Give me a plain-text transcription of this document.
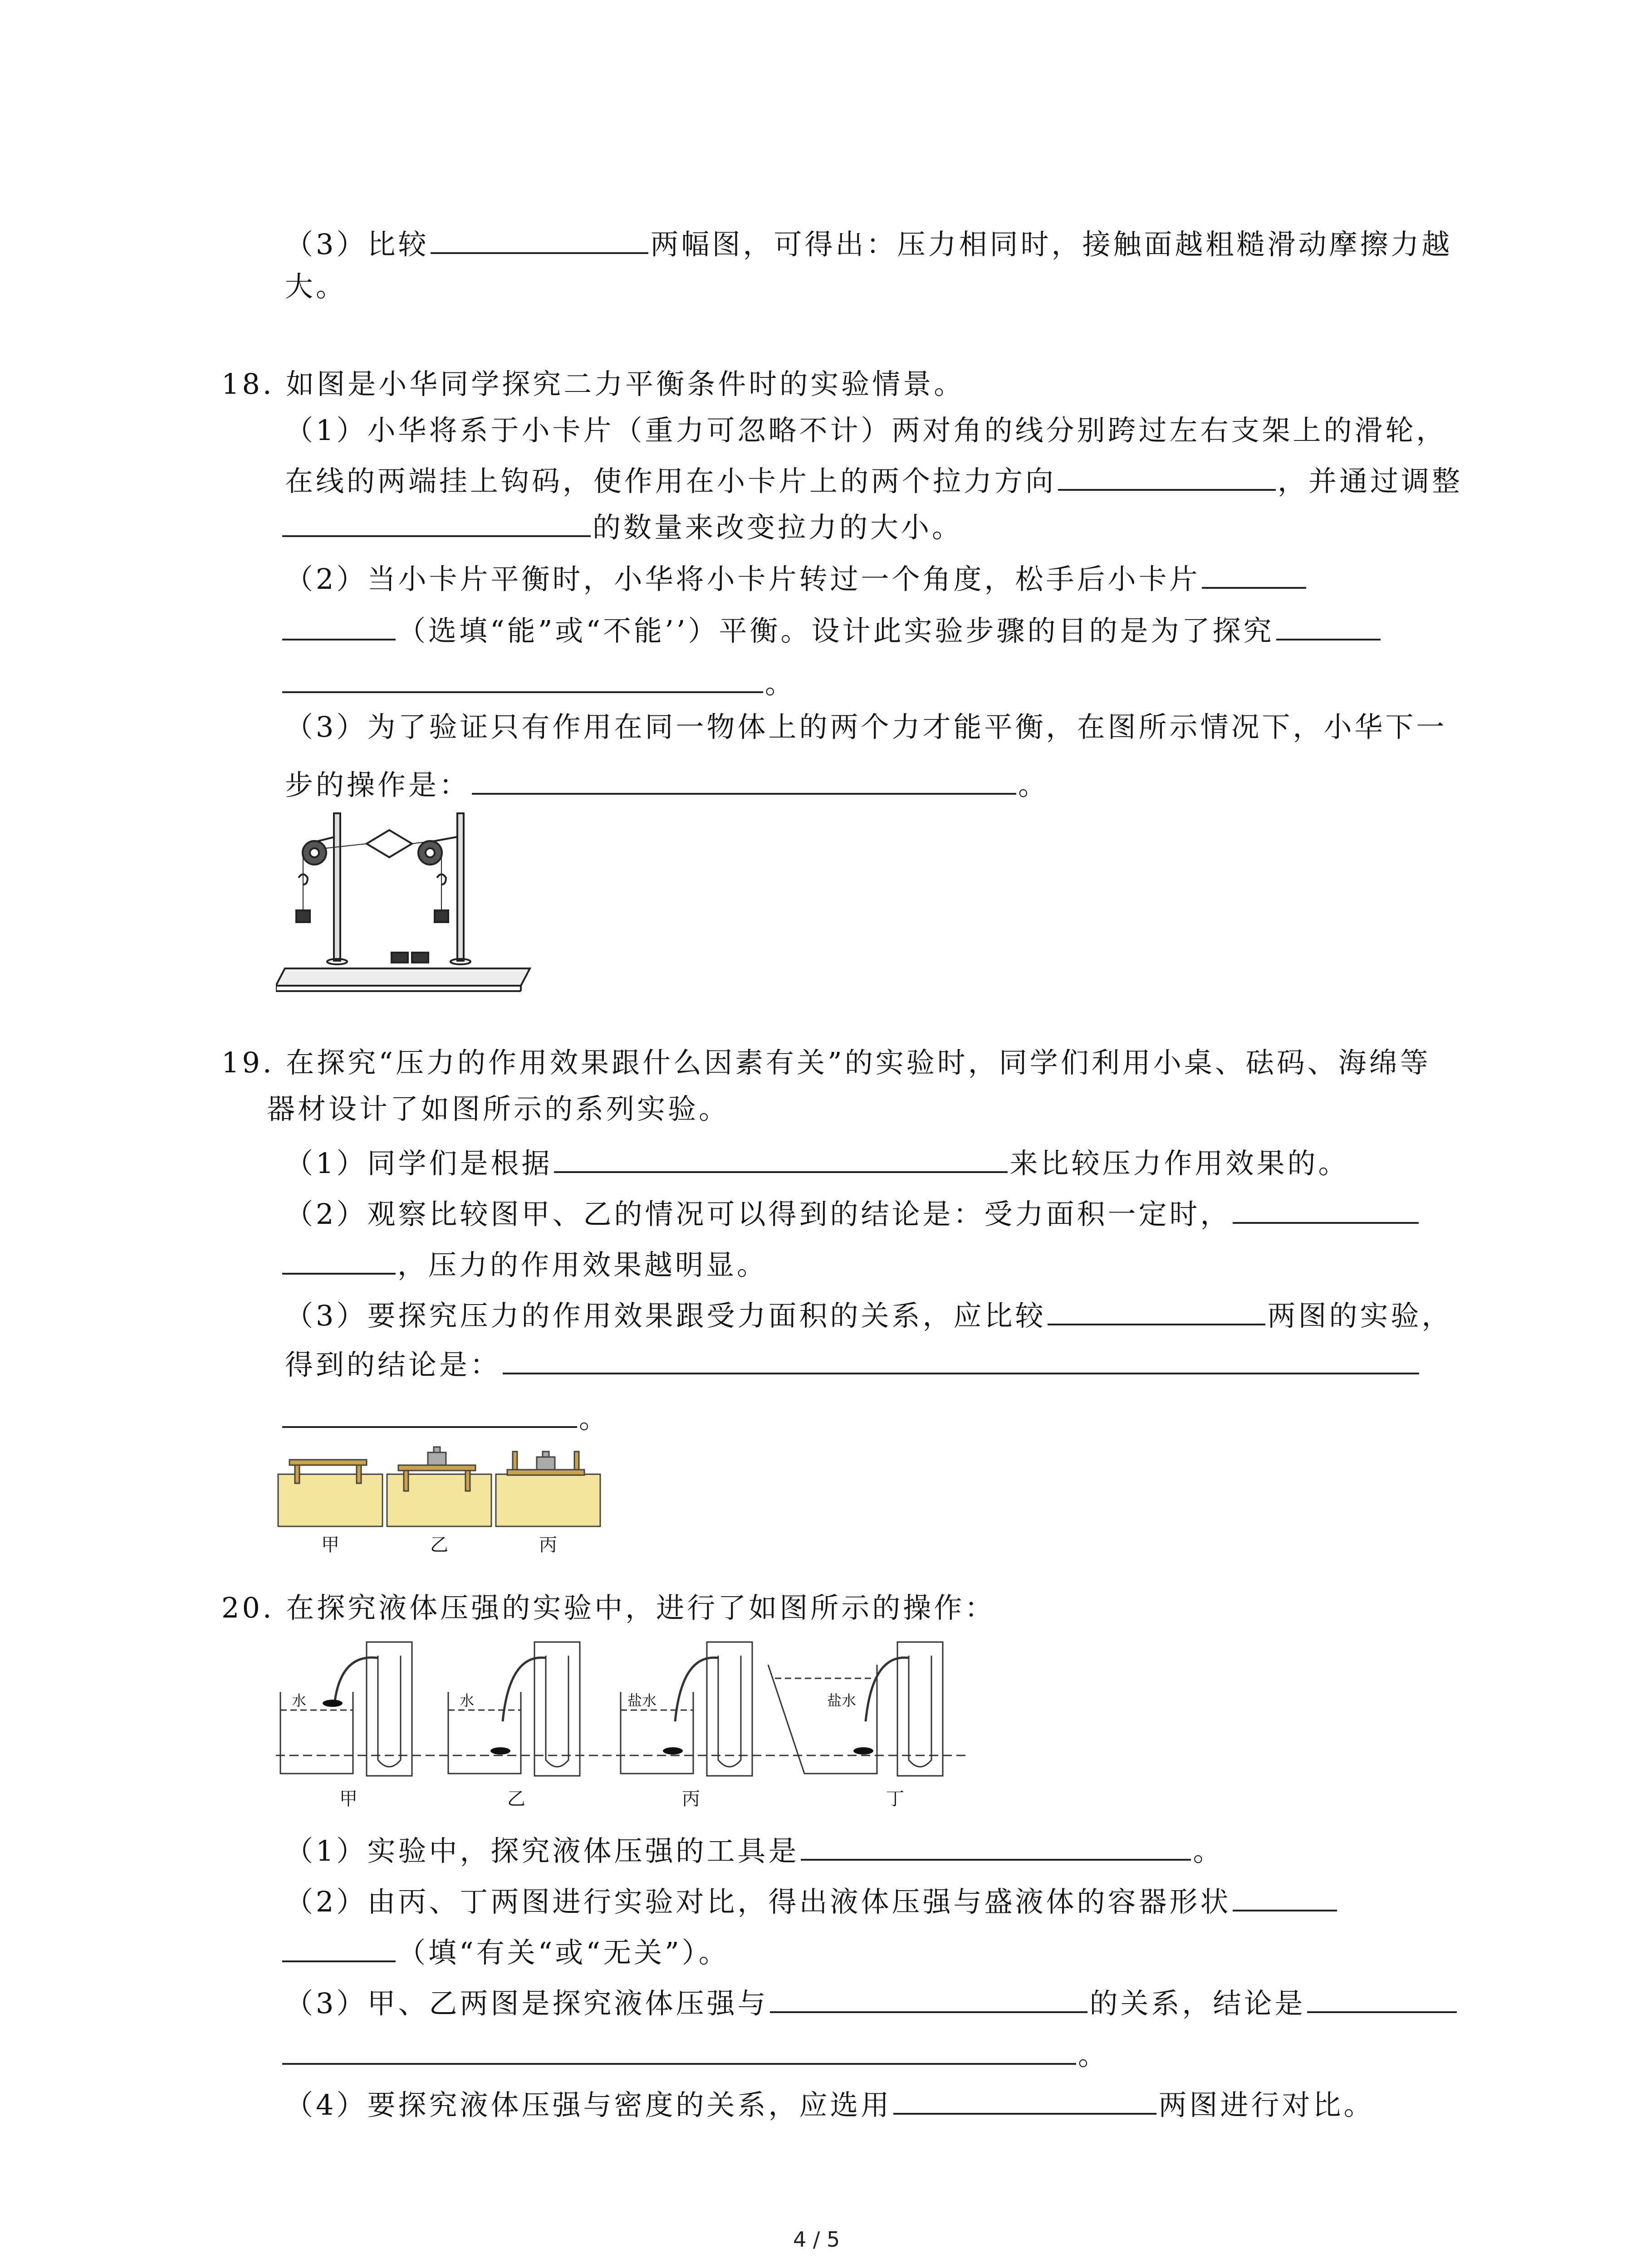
（3）比较	两幅图，可得出：压力相同时，接触面越粗糙滑动摩擦力越
大。
18. 如图是小华同学探究二力平衡条件时的实验情景。
（1）小华将系于小卡片（重力可忽略不计）两对角的线分别跨过左右支架上的滑轮，
在线的两端挂上钩码，使作用在小卡片上的两个拉力方向	，并通过调整
的数量来改变拉力的大小。
（2）当小卡片平衡时，小华将小卡片转过一个角度，松手后小卡片
（选填“能”或“不能’’）平衡。设计此实验步骤的目的是为了探究
。
（3）为了验证只有作用在同一物体上的两个力才能平衡，在图所示情况下，小华下一
步的操作是：	。
19. 在探究“压力的作用效果跟什么因素有关”的实验时，同学们利用小桌、砝码、海绵等
器材设计了如图所示的系列实验。
（1）同学们是根据	来比较压力作用效果的。
（2）观察比较图甲、乙的情况可以得到的结论是：受力面积一定时，
，压力的作用效果越明显。
（3）要探究压力的作用效果跟受力面积的关系，应比较	两图的实验，
得到的结论是：
。
甲	乙	丙
20. 在探究液体压强的实验中，进行了如图所示的操作：
水	水	盐水	盐水
甲	乙	丙	丁
（1）实验中，探究液体压强的工具是	。
（2）由丙、丁两图进行实验对比，得出液体压强与盛液体的容器形状
（填“有关“或“无关”）。
（3）甲、乙两图是探究液体压强与	的关系，结论是
。
（4）要探究液体压强与密度的关系，应选用	两图进行对比。
4 / 5
